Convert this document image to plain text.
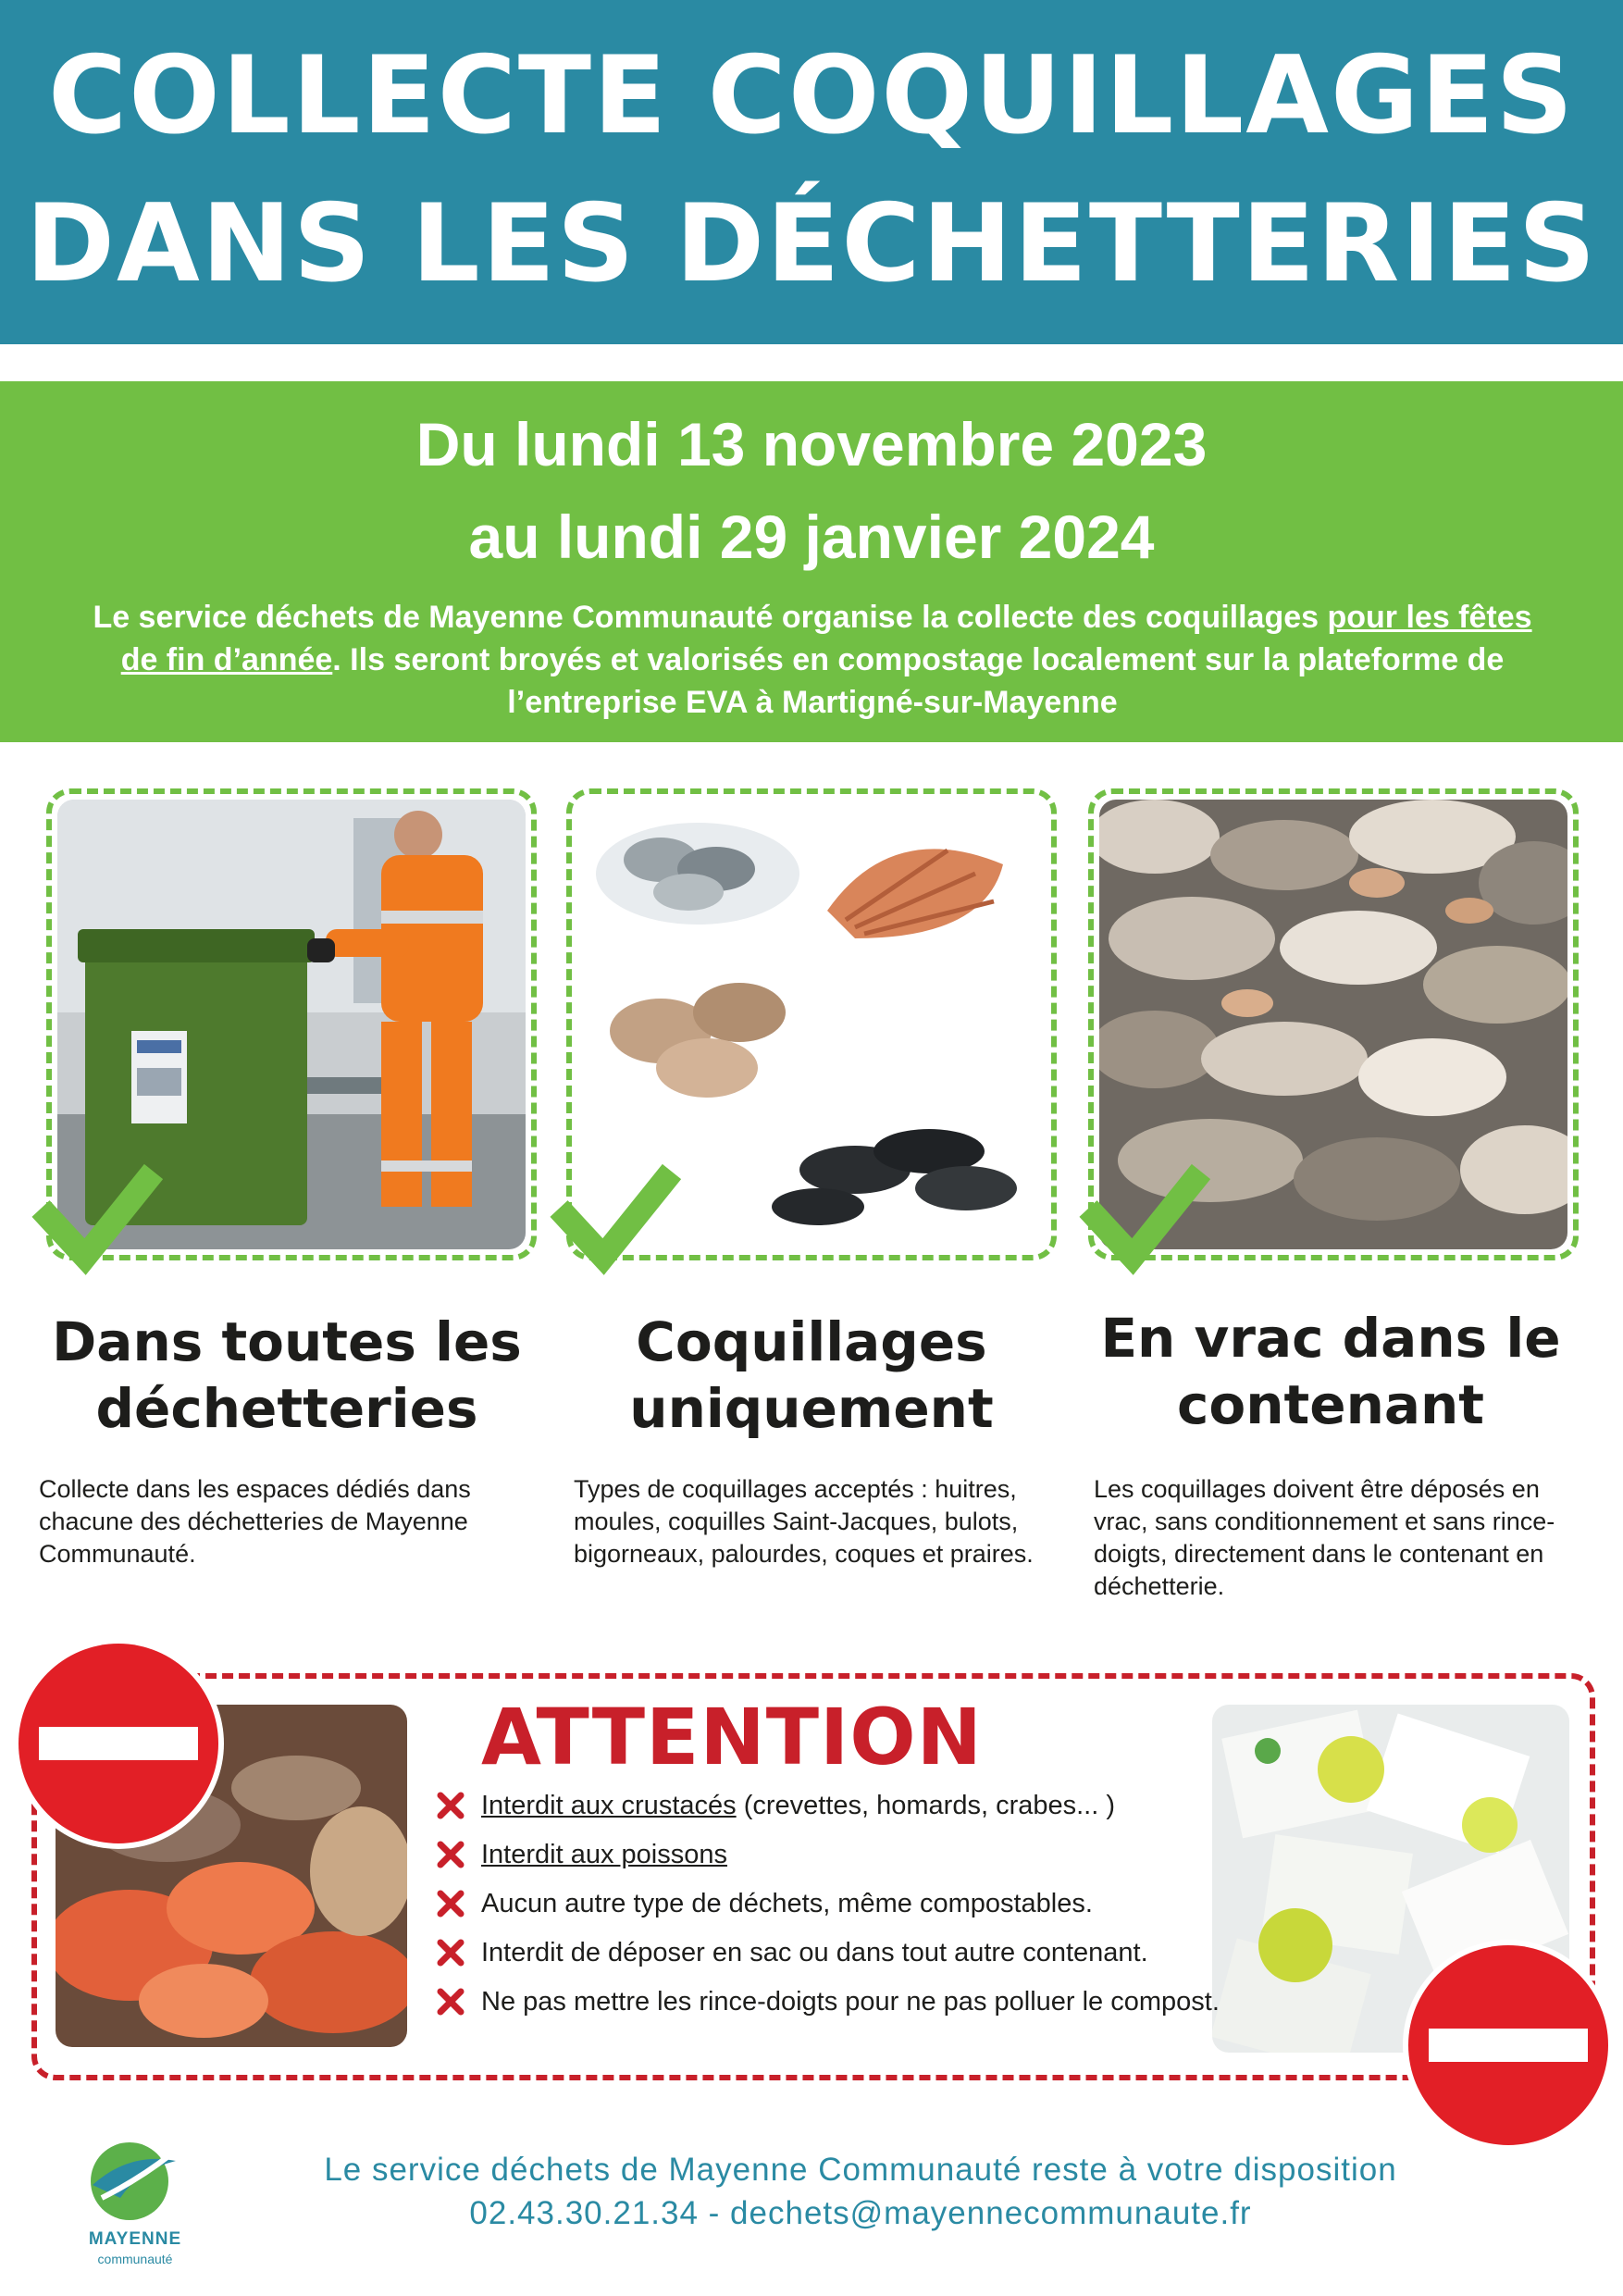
COLLECTE COQUILLAGES
DANS LES DÉCHETTERIES
Du lundi 13 novembre 2023
au lundi 29 janvier 2024
Le service déchets de Mayenne Communauté organise la collecte des coquillages pour les fêtes de fin d’année. Ils seront broyés et valorisés en compostage localement sur la plateforme de l’entreprise EVA à Martigné-sur-Mayenne
Dans toutes les
déchetteries
Coquillages
uniquement
En vrac dans le
contenant
Collecte dans les espaces dédiés dans chacune des déchetteries de Mayenne Communauté.
Types de coquillages acceptés : huitres, moules, coquilles Saint-Jacques, bulots, bigorneaux, palourdes, coques et praires.
Les coquillages doivent être déposés en vrac, sans conditionnement et sans rince-doigts, directement dans le contenant en déchetterie.
ATTENTION
Interdit aux crustacés (crevettes, homards, crabes... )
Interdit aux poissons
Aucun autre type de déchets, même compostables.
Interdit de déposer en sac ou dans tout autre contenant.
Ne pas mettre les rince-doigts pour ne pas polluer le compost.
MAYENNE
communauté
Le service déchets de Mayenne Communauté reste à votre disposition
02.43.30.21.34 - dechets@mayennecommunaute.fr
